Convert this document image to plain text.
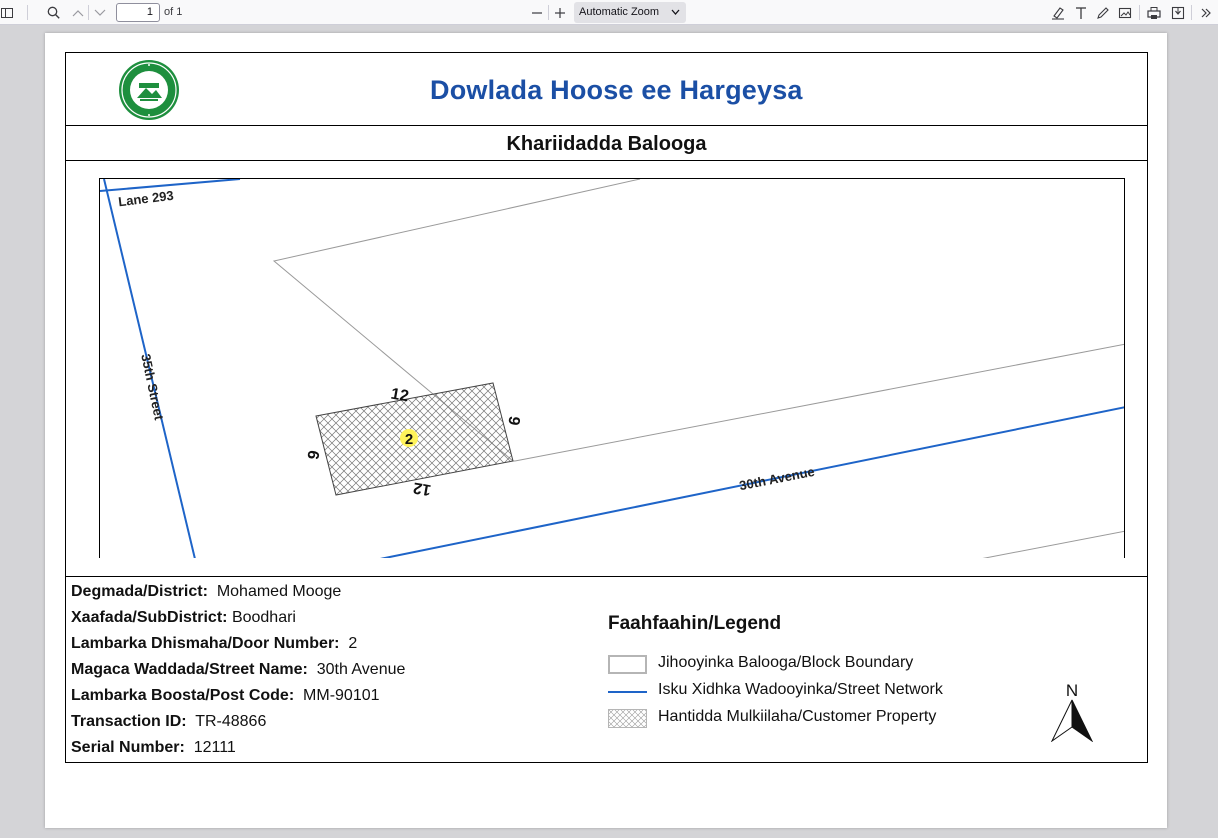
1	of 1	Automatic Zoom
Dowlada Hoose ee Hargeysa
Khariidadda Balooga
2
12
12
9
9
Lane 293
35th Street
30th Avenue
Degmada/District: Mohamed Mooge
Xaafada/SubDistrict: Boodhari
Lambarka Dhismaha/Door Number: 2
Magaca Waddada/Street Name: 30th Avenue
Lambarka Boosta/Post Code: MM-90101
Transaction ID: TR-48866
Serial Number: 12111
Faahfaahin/Legend
Jihooyinka Balooga/Block Boundary
Isku Xidhka Wadooyinka/Street Network
Hantidda Mulkiilaha/Customer Property
N
